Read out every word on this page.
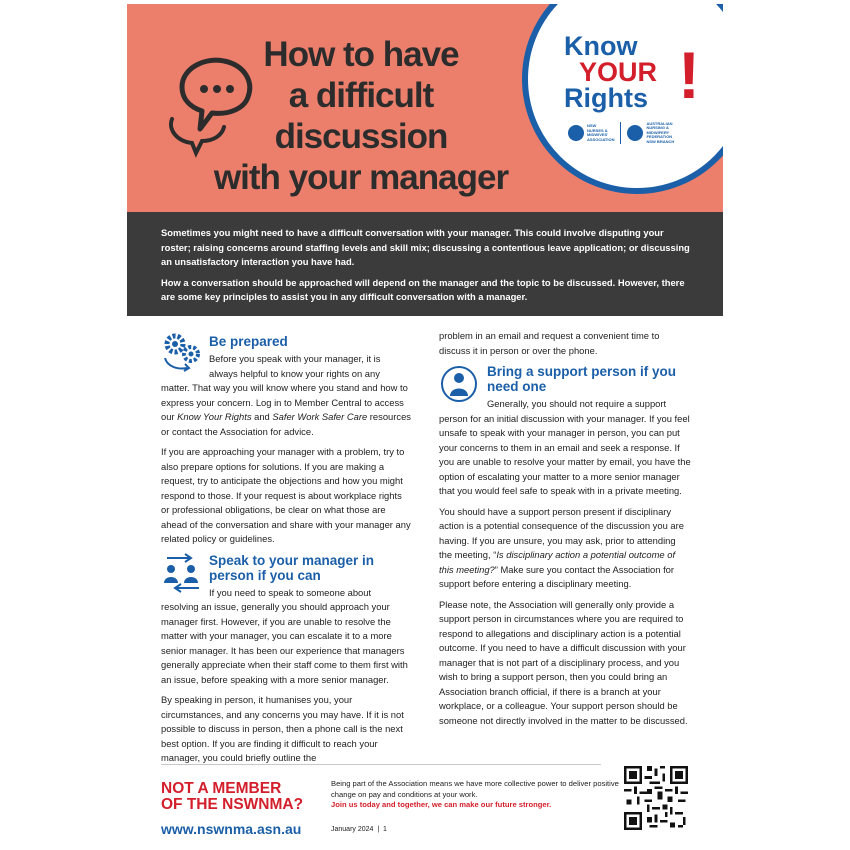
How to have
a difficult
discussion
with your manager
Know
YOUR
Rights !
NSW
NURSES &
MIDWIVES'
ASSOCIATION
AUSTRALIAN
NURSING &
MIDWIFERY
FEDERATION
NSW BRANCH

Sometimes you might need to have a difficult conversation with your manager. This could involve disputing your roster; raising concerns around staffing levels and skill mix; discussing a contentious leave application; or discussing an unsatisfactory interaction you have had.

How a conversation should be approached will depend on the manager and the topic to be discussed. However, there are some key principles to assist you in any difficult conversation with a manager.

Be prepared

Before you speak with your manager, it is always helpful to know your rights on any matter. That way you will know where you stand and how to express your concern. Log in to Member Central to access our Know Your Rights and Safer Work Safer Care resources or contact the Association for advice.

If you are approaching your manager with a problem, try to also prepare options for solutions. If you are making a request, try to anticipate the objections and how you might respond to those. If your request is about workplace rights or professional obligations, be clear on what those are ahead of the conversation and share with your manager any related policy or guidelines.

Speak to your manager in person if you can

If you need to speak to someone about resolving an issue, generally you should approach your manager first. However, if you are unable to resolve the matter with your manager, you can escalate it to a more senior manager. It has been our experience that managers generally appreciate when their staff come to them first with an issue, before speaking with a more senior manager.

By speaking in person, it humanises you, your circumstances, and any concerns you may have. If it is not possible to discuss in person, then a phone call is the next best option. If you are finding it difficult to reach your manager, you could briefly outline the

problem in an email and request a convenient time to discuss it in person or over the phone.

Bring a support person if you need one

Generally, you should not require a support person for an initial discussion with your manager. If you feel unsafe to speak with your manager in person, you can put your concerns to them in an email and seek a response. If you are unable to resolve your matter by email, you have the option of escalating your matter to a more senior manager that you would feel safe to speak with in a private meeting.

You should have a support person present if disciplinary action is a potential consequence of the discussion you are having. If you are unsure, you may ask, prior to attending the meeting, “Is disciplinary action a potential outcome of this meeting?” Make sure you contact the Association for support before entering a disciplinary meeting.

Please note, the Association will generally only provide a support person in circumstances where you are required to respond to allegations and disciplinary action is a potential outcome. If you need to have a difficult discussion with your manager that is not part of a disciplinary process, and you wish to bring a support person, then you could bring an Association branch official, if there is a branch at your workplace, or a colleague. Your support person should be someone not directly involved in the matter to be discussed.

NOT A MEMBER
OF THE NSWNMA?
www.nswnma.asn.au
Being part of the Association means we have more collective power to deliver positive change on pay and conditions at your work.
Join us today and together, we can make our future stronger.
January 2024 | 1
